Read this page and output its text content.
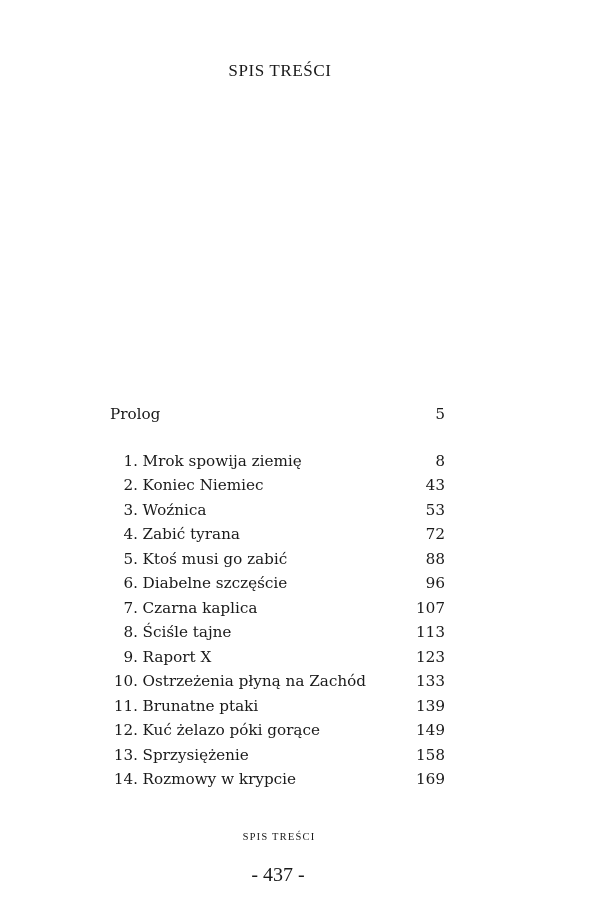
SPIS TREŚCI
Prolog	5
1. Mrok spowija ziemię	8
2. Koniec Niemiec	43
3. Woźnica	53
4. Zabić tyrana	72
5. Ktoś musi go zabić	88
6. Diabelne szczęście	96
7. Czarna kaplica	107
8. Ściśle tajne	113
9. Raport X	123
10. Ostrzeżenia płyną na Zachód	133
11. Brunatne ptaki	139
12. Kuć żelazo póki gorące	149
13. Sprzysiężenie	158
14. Rozmowy w krypcie	169
SPIS TREŚCI
- 437 -
